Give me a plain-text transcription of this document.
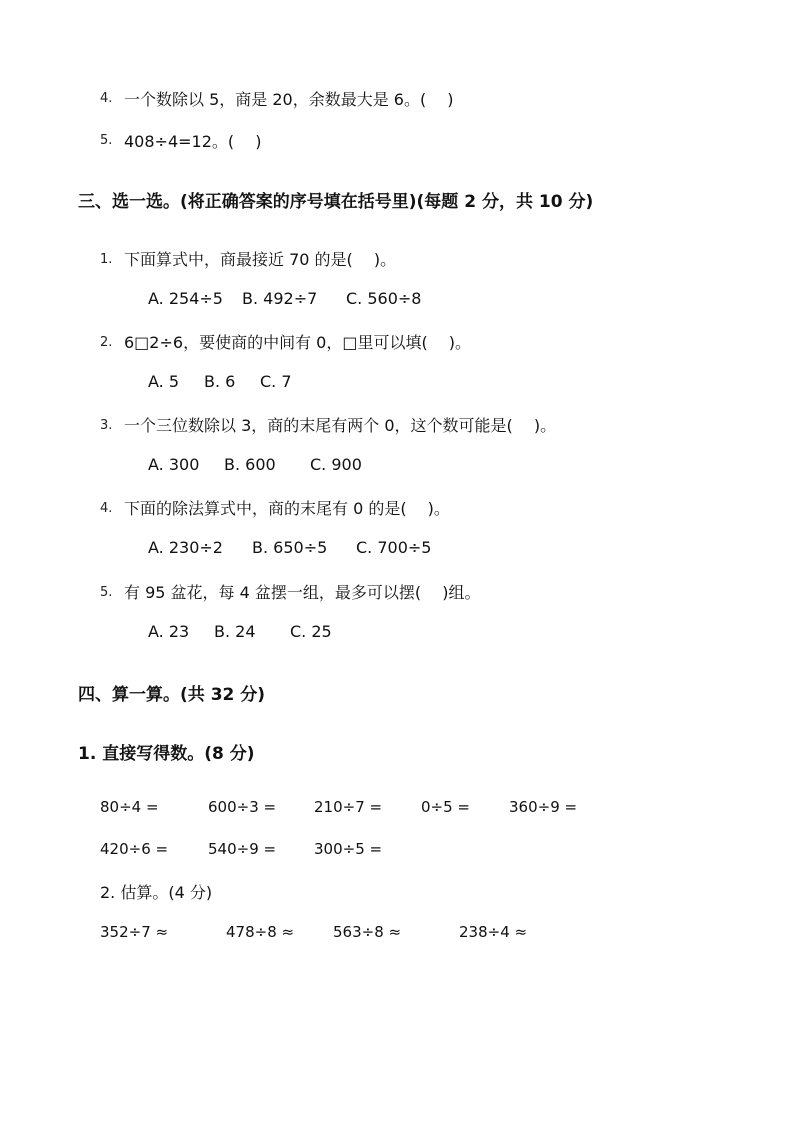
4. 一个数除以 5，商是 20，余数最大是 6。(　 )
5. 408÷4=12。(　 )
三、选一选。(将正确答案的序号填在括号里)(每题 2 分，共 10 分)
1. 下面算式中，商最接近 70 的是(　 )。
A. 254÷5 B. 492÷7 C. 560÷8
2. 6□2÷6，要使商的中间有 0，□里可以填(　 )。
A. 5 B. 6 C. 7
3. 一个三位数除以 3，商的末尾有两个 0，这个数可能是(　 )。
A. 300 B. 600 C. 900
4. 下面的除法算式中，商的末尾有 0 的是(　 )。
A. 230÷2 B. 650÷5 C. 700÷5
5. 有 95 盆花，每 4 盆摆一组，最多可以摆(　 )组。
A. 23 B. 24 C. 25
四、算一算。(共 32 分)
1. 直接写得数。(8 分)
80÷4 =	600÷3 =	210÷7 =	0÷5 =	360÷9 =
420÷6 =	540÷9 =	300÷5 =
2. 估算。(4 分)
352÷7 ≈	478÷8 ≈	563÷8 ≈	238÷4 ≈
